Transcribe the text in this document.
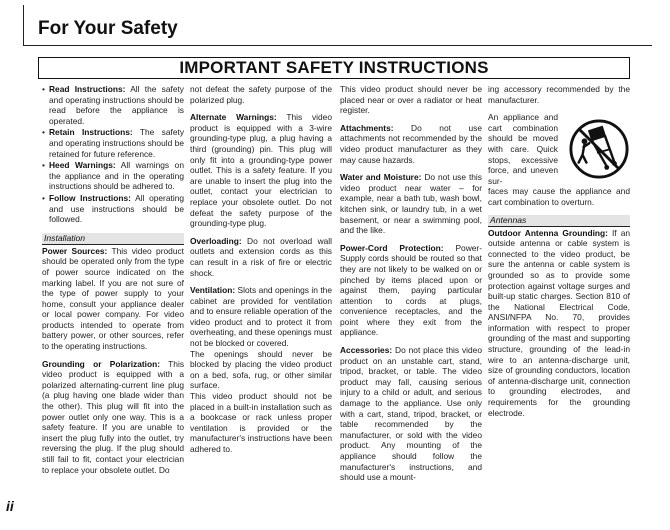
For Your Safety
IMPORTANT SAFETY INSTRUCTIONS
• Read Instructions: All the safety and operating instructions should be read before the appliance is operated.
• Retain Instructions: The safety and operating instructions should be retained for future reference.
• Heed Warnings: All warnings on the appliance and in the operating instructions should be adhered to.
• Follow Instructions: All operating and use instructions should be followed.
Installation

Power Sources: This video product should be operated only from the type of power source indicated on the marking label. If you are not sure of the type of power supply to your home, consult your appliance dealer or local power company. For video products intended to operate from battery power, or other sources, refer to the operating instructions.

Grounding or Polarization: This video product is equipped with a polarized alternating-current line plug (a plug having one blade wider than the other). This plug will fit into the power outlet only one way. This is a safety feature. If you are unable to insert the plug fully into the outlet, try reversing the plug. If the plug should still fail to fit, contact your electrician to replace your obsolete outlet. Do

not defeat the safety purpose of the polarized plug.

Alternate Warnings: This video product is equipped with a 3-wire grounding-type plug, a plug having a third (grounding) pin. This plug will only fit into a grounding-type power outlet. This is a safety feature. If you are unable to insert the plug into the outlet, contact your electrician to replace your obsolete outlet. Do not defeat the safety purpose of the grounding-type plug.

Overloading: Do not overload wall outlets and extension cords as this can result in a risk of fire or electric shock.

Ventilation: Slots and openings in the cabinet are provided for ventilation and to ensure reliable operation of the video product and to protect it from overheating, and these openings must not be blocked or covered.

The openings should never be blocked by placing the video product on a bed, sofa, rug, or other similar surface.

This video product should not be placed in a built-in installation such as a bookcase or rack unless proper ventilation is provided or the manufacturer's instructions have been adhered to.

This video product should never be placed near or over a radiator or heat register.

Attachments: Do not use attachments not recommended by the video product manufacturer as they may cause hazards.

Water and Moisture: Do not use this video product near water – for example, near a bath tub, wash bowl, kitchen sink, or laundry tub, in a wet basement, or near a swimming pool, and the like.

Power-Cord Protection: Power-Supply cords should be routed so that they are not likely to be walked on or pinched by items placed upon or against them, paying particular attention to cords at plugs, convenience receptacles, and the point where they exit from the appliance.

Accessories: Do not place this video product on an unstable cart, stand, tripod, bracket, or table. The video product may fall, causing serious injury to a child or adult, and serious damage to the appliance. Use only with a cart, stand, tripod, bracket, or table recommended by the manufacturer, or sold with the video product. Any mounting of the appliance should follow the manufacturer's instructions, and should use a mount-

ing accessory recommended by the manufacturer.

An appliance and cart combination should be moved with care. Quick stops, excessive force, and uneven sur-

faces may cause the appliance and cart combination to overturn.

Antennas

Outdoor Antenna Grounding: If an outside antenna or cable system is connected to the video product, be sure the antenna or cable system is grounded so as to provide some protection against voltage surges and built-up static charges. Section 810 of the National Electrical Code, ANSI/NFPA No. 70, provides information with respect to proper grounding of the mast and supporting structure, grounding of the lead-in wire to an antenna-discharge unit, size of grounding conductors, location of antenna-discharge unit, connection to grounding electrodes, and requirements for the grounding electrode.

ii
